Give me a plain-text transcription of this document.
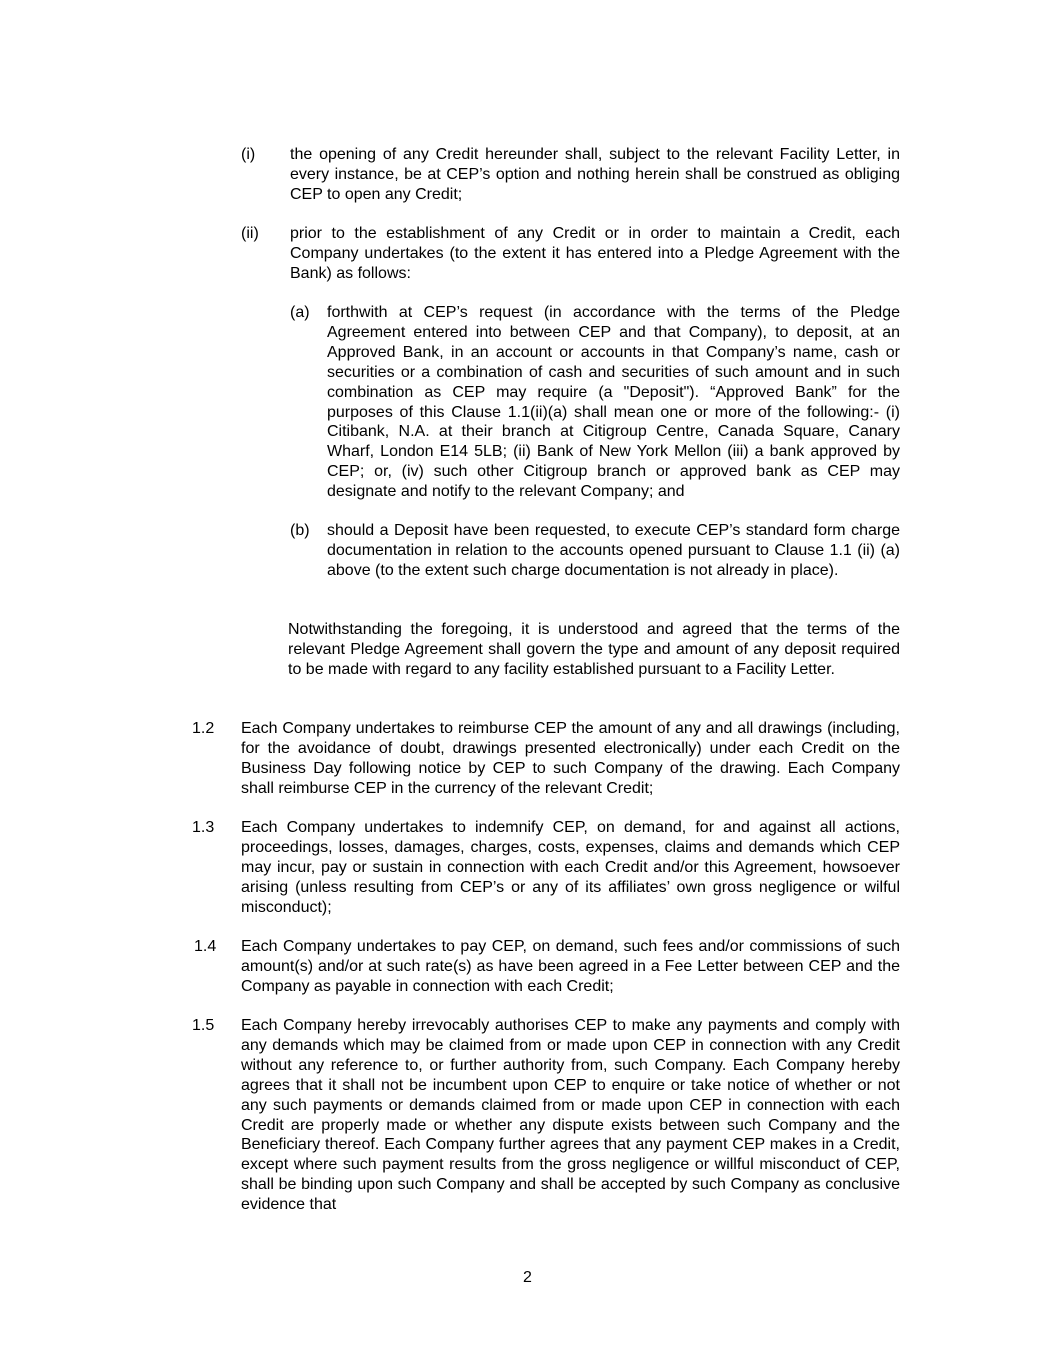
(i) the opening of any Credit hereunder shall, subject to the relevant Facility Letter, in every instance, be at CEP’s option and nothing herein shall be construed as obliging CEP to open any Credit;

(ii) prior to the establishment of any Credit or in order to maintain a Credit, each Company undertakes (to the extent it has entered into a Pledge Agreement with the Bank) as follows:

(a) forthwith at CEP’s request (in accordance with the terms of the Pledge Agreement entered into between CEP and that Company), to deposit, at an Approved Bank, in an account or accounts in that Company’s name, cash or securities or a combination of cash and securities of such amount and in such combination as CEP may require (a "Deposit"). “Approved Bank” for the purposes of this Clause 1.1(ii)(a) shall mean one or more of the following:- (i) Citibank, N.A. at their branch at Citigroup Centre, Canada Square, Canary Wharf, London E14 5LB; (ii) Bank of New York Mellon (iii) a bank approved by CEP; or, (iv) such other Citigroup branch or approved bank as CEP may designate and notify to the relevant Company; and

(b) should a Deposit have been requested, to execute CEP’s standard form charge documentation in relation to the accounts opened pursuant to Clause 1.1 (ii) (a) above (to the extent such charge documentation is not already in place).

Notwithstanding the foregoing, it is understood and agreed that the terms of the relevant Pledge Agreement shall govern the type and amount of any deposit required to be made with regard to any facility established pursuant to a Facility Letter.

1.2 Each Company undertakes to reimburse CEP the amount of any and all drawings (including, for the avoidance of doubt, drawings presented electronically) under each Credit on the Business Day following notice by CEP to such Company of the drawing. Each Company shall reimburse CEP in the currency of the relevant Credit;

1.3 Each Company undertakes to indemnify CEP, on demand, for and against all actions, proceedings, losses, damages, charges, costs, expenses, claims and demands which CEP may incur, pay or sustain in connection with each Credit and/or this Agreement, howsoever arising (unless resulting from CEP’s or any of its affiliates’ own gross negligence or wilful misconduct);

1.4 Each Company undertakes to pay CEP, on demand, such fees and/or commissions of such amount(s) and/or at such rate(s) as have been agreed in a Fee Letter between CEP and the Company as payable in connection with each Credit;

1.5 Each Company hereby irrevocably authorises CEP to make any payments and comply with any demands which may be claimed from or made upon CEP in connection with any Credit without any reference to, or further authority from, such Company. Each Company hereby agrees that it shall not be incumbent upon CEP to enquire or take notice of whether or not any such payments or demands claimed from or made upon CEP in connection with each Credit are properly made or whether any dispute exists between such Company and the Beneficiary thereof. Each Company further agrees that any payment CEP makes in a Credit, except where such payment results from the gross negligence or willful misconduct of CEP, shall be binding upon such Company and shall be accepted by such Company as conclusive evidence that

2
